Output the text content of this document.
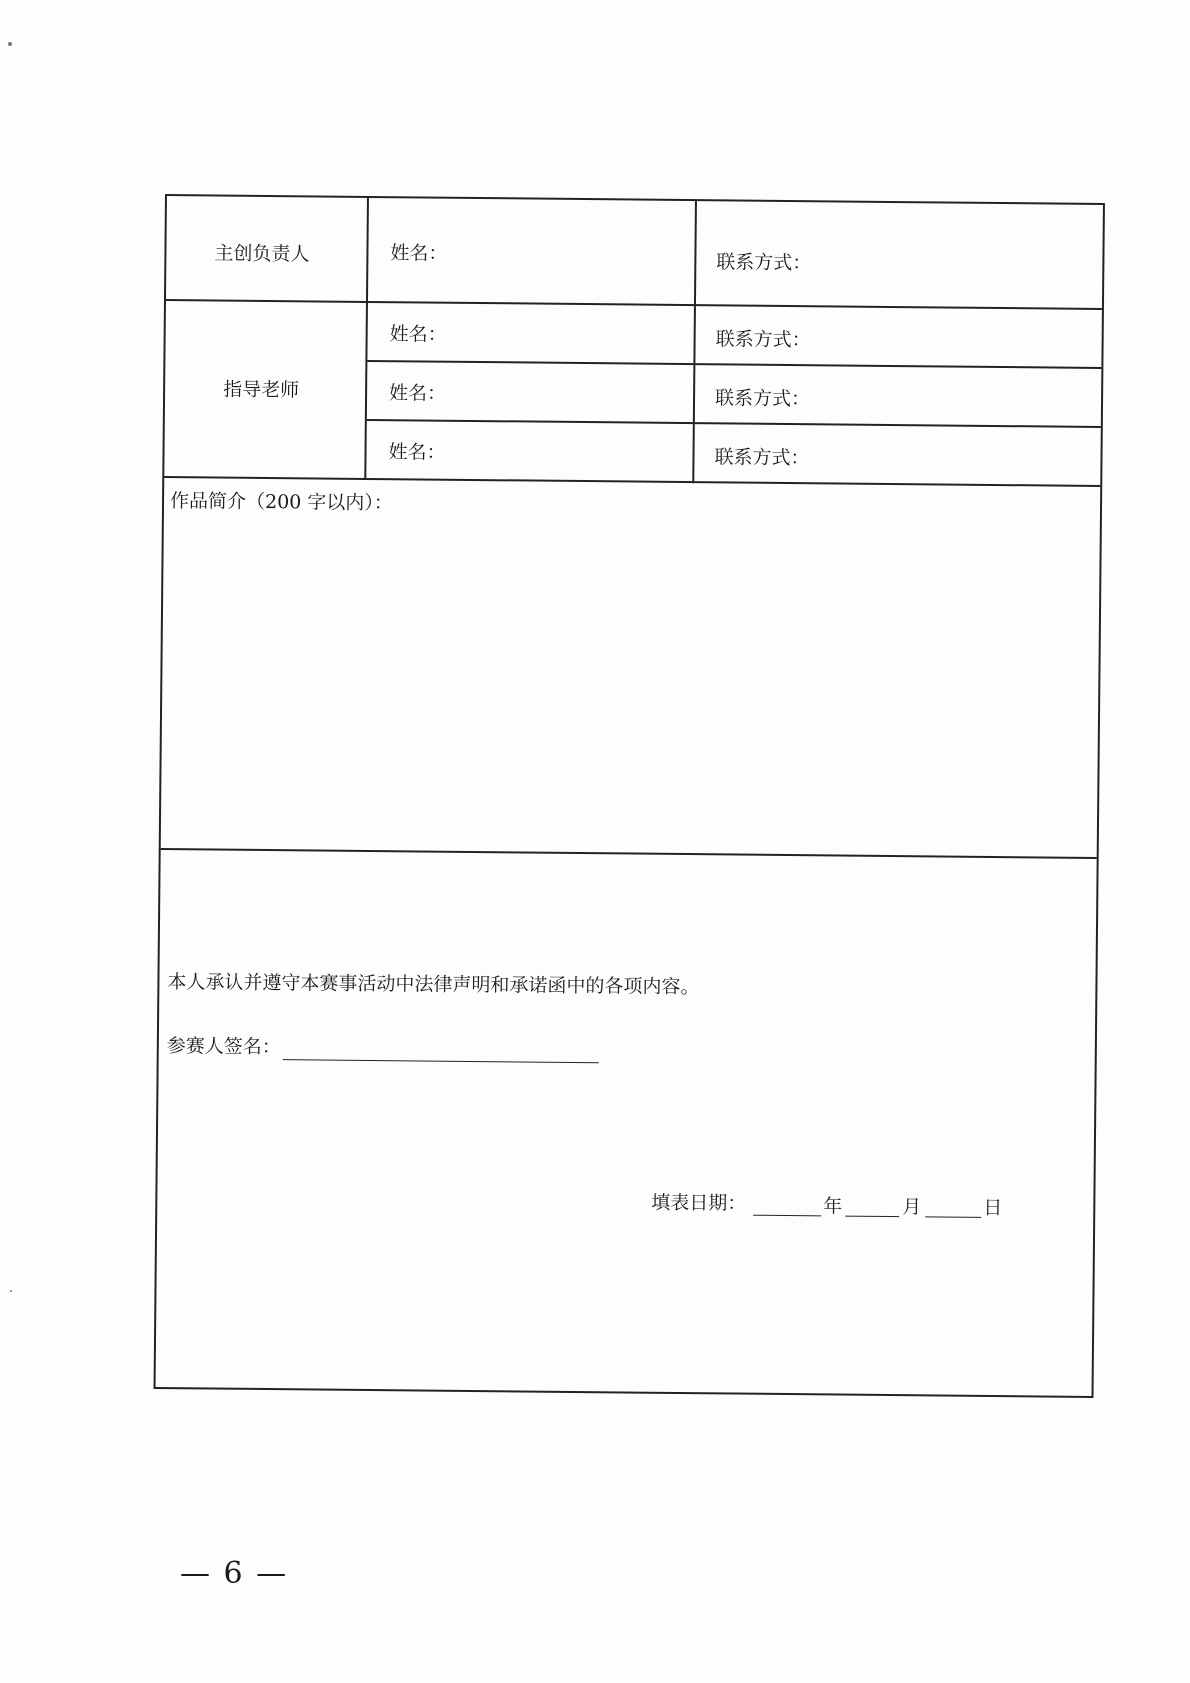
主创负责人	姓名：	联系方式：
指导老师
姓名：	联系方式：
姓名：	联系方式：
姓名：	联系方式：
作品简介（200 字以内）：
本人承认并遵守本赛事活动中法律声明和承诺函中的各项内容。
参赛人签名：
填表日期：	年	月	日
— 6 —
